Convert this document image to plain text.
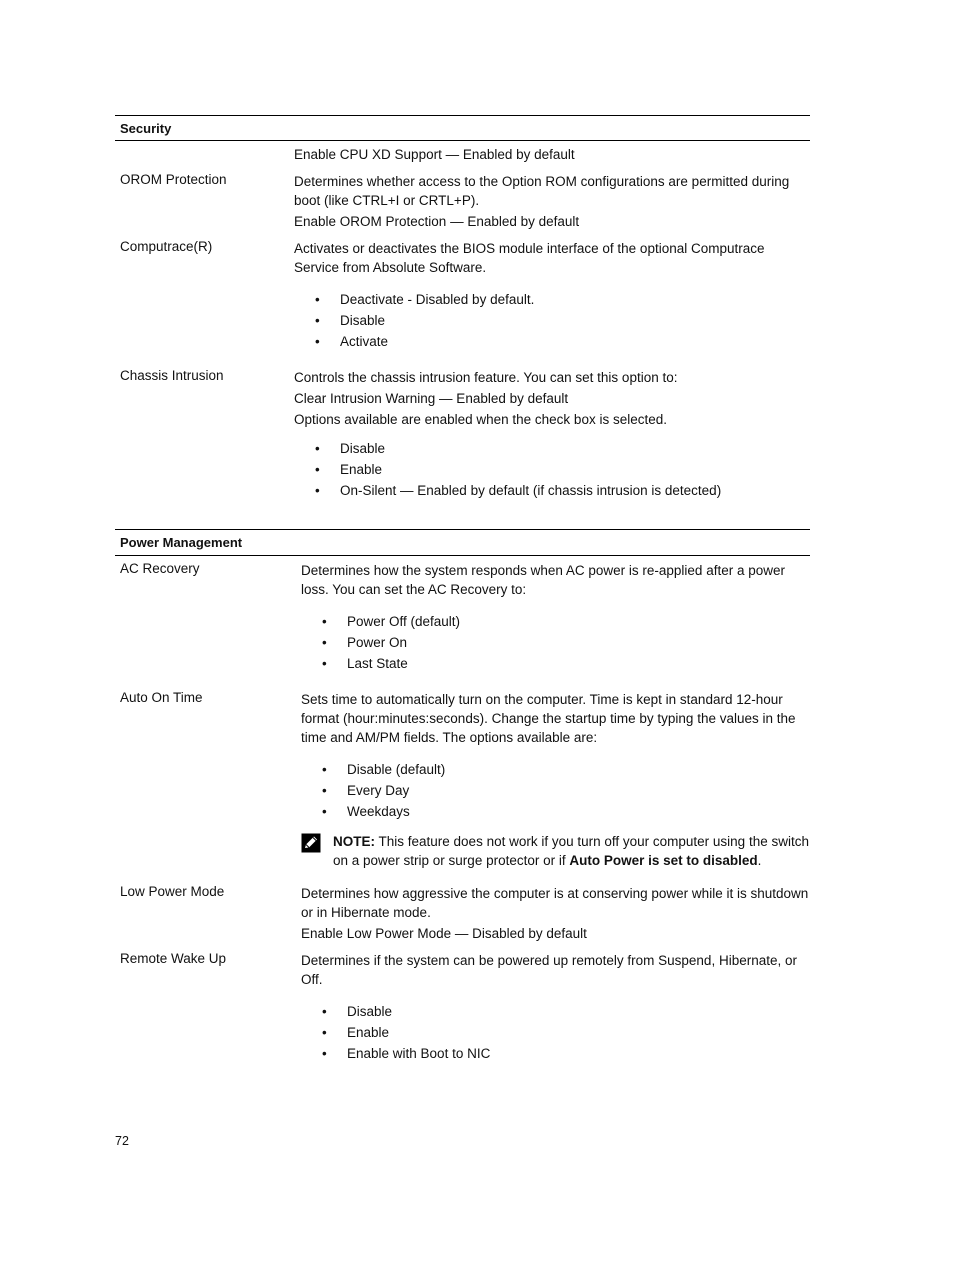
Security

Enable CPU XD Support — Enabled by default

OROM Protection	Determines whether access to the Option ROM configurations are permitted during boot (like CTRL+I or CRTL+P).

Enable OROM Protection — Enabled by default

Computrace(R)	Activates or deactivates the BIOS module interface of the optional Computrace Service from Absolute Software.

• Deactivate - Disabled by default.
• Disable
• Activate
Chassis Intrusion	Controls the chassis intrusion feature. You can set this option to:

Clear Intrusion Warning — Enabled by default

Options available are enabled when the check box is selected.

• Disable
• Enable
• On-Silent — Enabled by default (if chassis intrusion is detected)
Power Management
AC Recovery	Determines how the system responds when AC power is re-applied after a power loss. You can set the AC Recovery to:

• Power Off (default)
• Power On
• Last State
Auto On Time	Sets time to automatically turn on the computer. Time is kept in standard 12-hour format (hour:minutes:seconds). Change the startup time by typing the values in the time and AM/PM fields. The options available are:

• Disable (default)
• Every Day
• Weekdays
NOTE: This feature does not work if you turn off your computer using the switch on a power strip or surge protector or if Auto Power is set to disabled.
Low Power Mode	Determines how aggressive the computer is at conserving power while it is shutdown or in Hibernate mode.

Enable Low Power Mode — Disabled by default

Remote Wake Up	Determines if the system can be powered up remotely from Suspend, Hibernate, or Off.

• Disable
• Enable
• Enable with Boot to NIC
72
